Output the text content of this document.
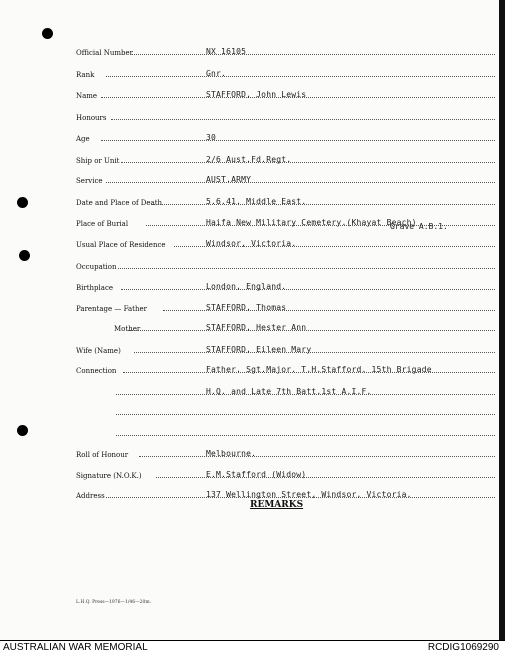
Official Number	NX 16105
Rank	Gnr.
Name	STAFFORD, John Lewis
Honours
Age	30
Ship or Unit	2/6 Aust.Fd.Regt.
Service	AUST.ARMY
Date and Place of Death	5.6.41. Middle East.
Place of Burial	Haifa New Military Cemetery.(Khayat Beach)
Usual Place of Residence	Windsor, Victoria.
Occupation
Birthplace	London, England.
Parentage — Father	STAFFORD, Thomas
Mother	STAFFORD, Hester Ann
Wife (Name)	STAFFORD, Eileen Mary
Connection	Father. Sgt.Major. T.H.Stafford. 15th Brigade
H.Q. and Late 7th Batt.1st A.I.F.
Roll of Honour	Melbourne.
Signature (N.O.K.)	E.M.Stafford (Widow)
Address	137 Wellington Street, Windsor, Victoria.
Grave A.B.1.
REMARKS
L.H.Q. Press—1976—1/46—20m.
AUSTRALIAN WAR MEMORIAL	RCDIG1069290
